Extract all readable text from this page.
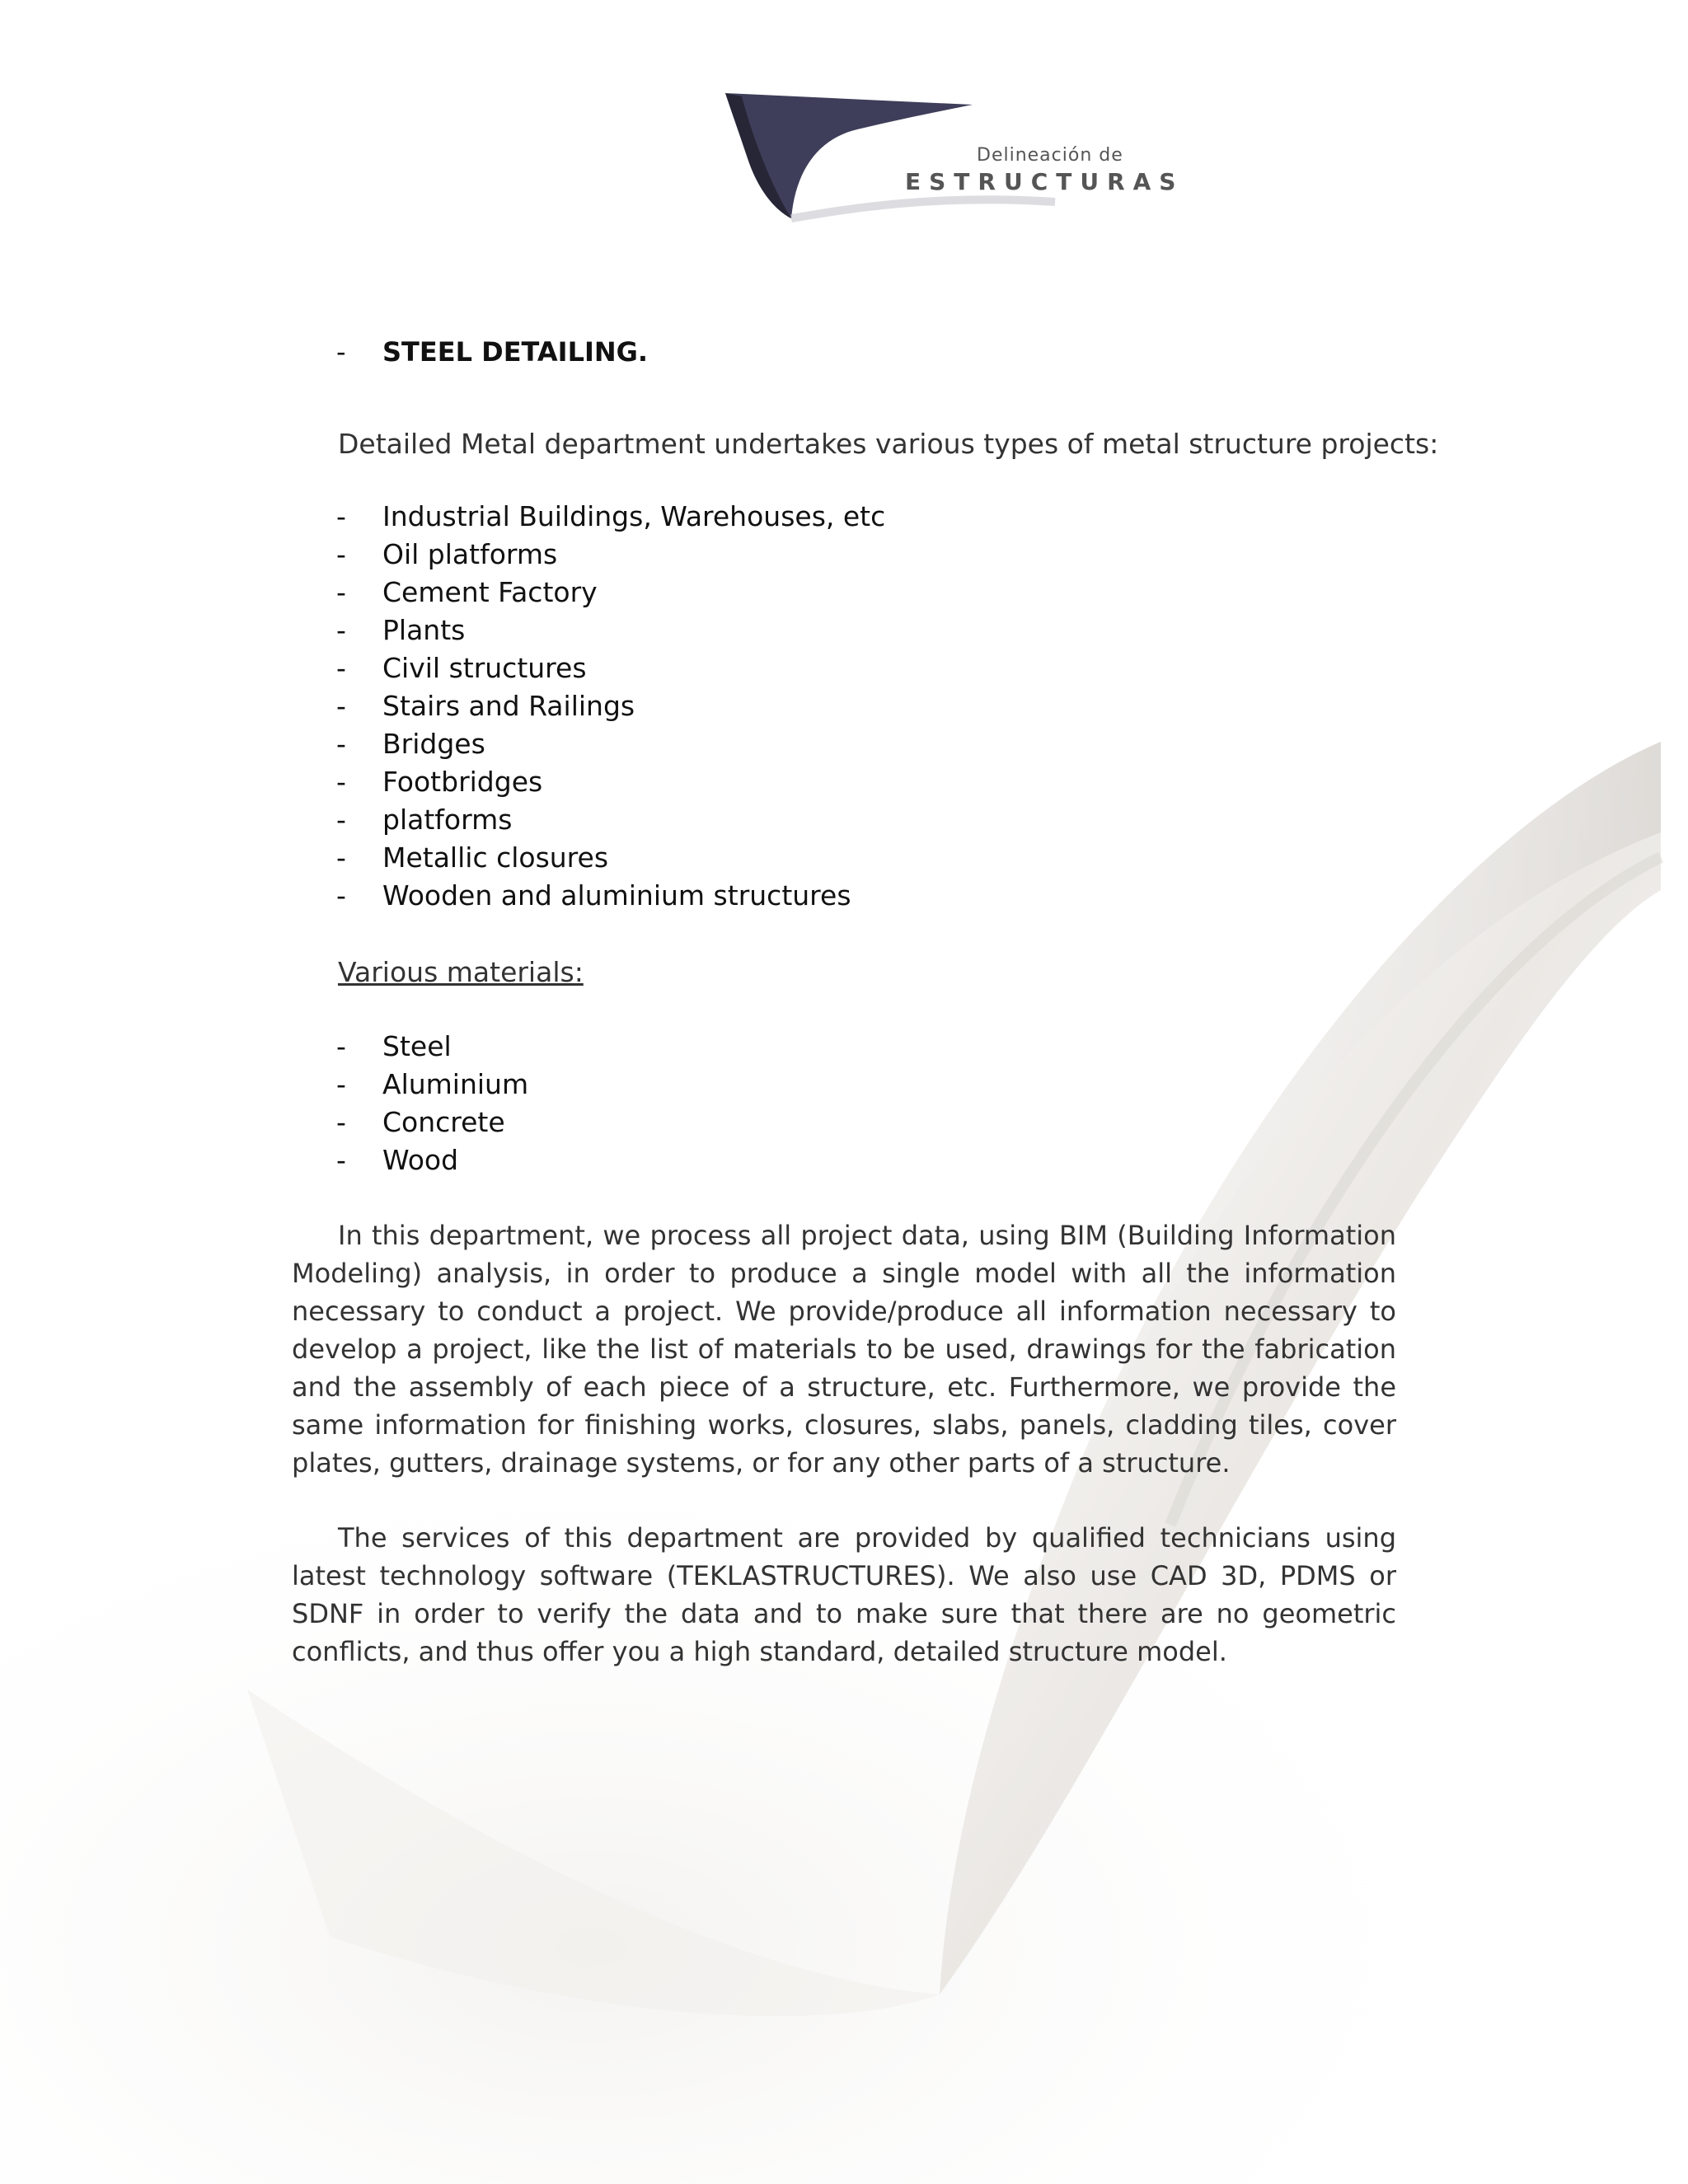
Delineación de
ESTRUCTURAS
- STEEL DETAILING.
Detailed Metal department undertakes various types of metal structure projects:
- Industrial Buildings, Warehouses, etc
- Oil platforms
- Cement Factory
- Plants
- Civil structures
- Stairs and Railings
- Bridges
- Footbridges
- platforms
- Metallic closures
- Wooden and aluminium structures
Various materials:
- Steel
- Aluminium
- Concrete
- Wood

In this department, we process all project data, using BIM (Building Information Modeling) analysis, in order to produce a single model with all the information necessary to conduct a project. We provide/produce all information necessary to develop a project, like the list of materials to be used, drawings for the fabrication and the assembly of each piece of a structure, etc. Furthermore, we provide the same information for finishing works, closures, slabs, panels, cladding tiles, cover plates, gutters, drainage systems, or for any other parts of a structure.

The services of this department are provided by qualified technicians using latest technology software (TEKLASTRUCTURES). We also use CAD 3D, PDMS or SDNF in order to verify the data and to make sure that there are no geometric conflicts, and thus offer you a high standard, detailed structure model.
